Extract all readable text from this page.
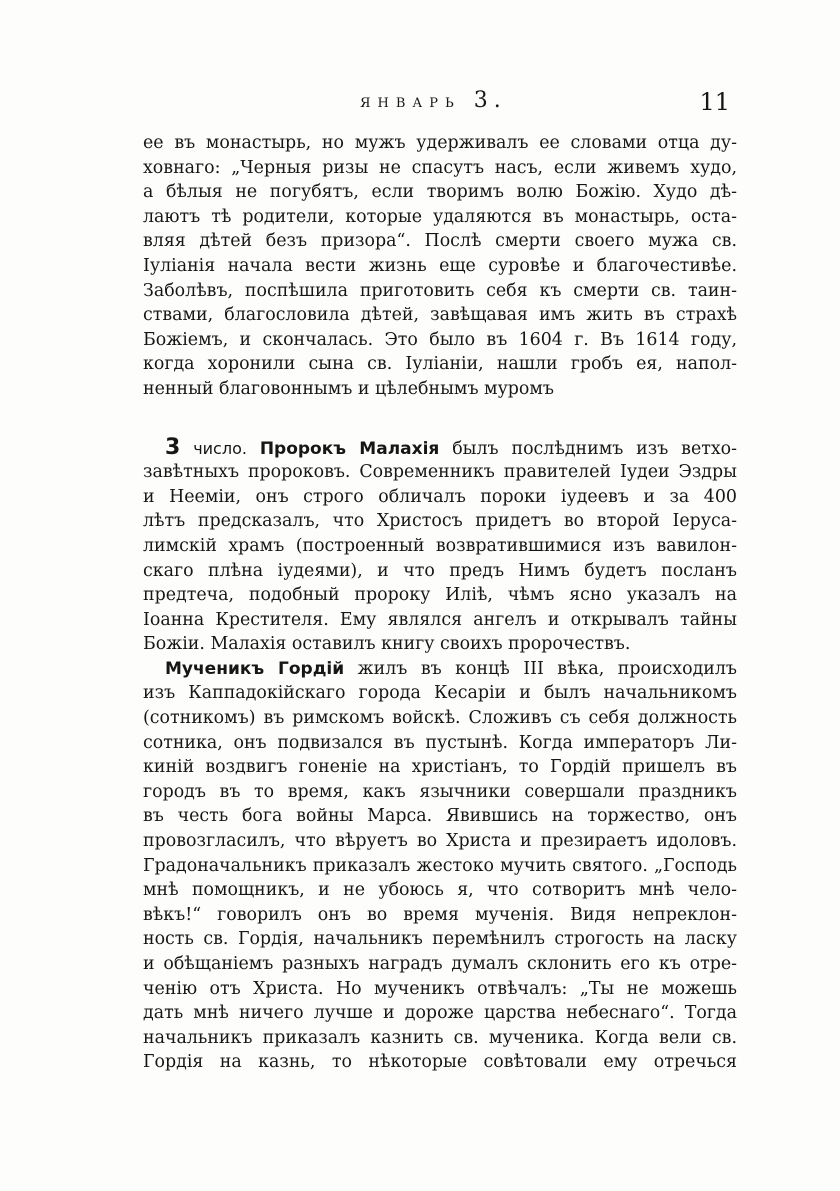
ЯНВАРЬ 3.	11
ее въ монастырь, но мужъ удерживалъ ее словами отца ду-
ховнаго: „Черныя ризы не спасутъ насъ, если живемъ худо,
а бѣлыя не погубятъ, если творимъ волю Божію. Худо дѣ-
лаютъ тѣ родители, которые удаляются въ монастырь, оста-
вляя дѣтей безъ призора“. Послѣ смерти своего мужа св.
Іуліанія начала вести жизнь еще суровѣе и благочестивѣе.
Заболѣвъ, поспѣшила приготовить себя къ смерти св. таин-
ствами, благословила дѣтей, завѣщавая имъ жить въ страхѣ
Божіемъ, и скончалась. Это было въ 1604 г. Въ 1614 году,
когда хоронили сына св. Іуліаніи, нашли гробъ ея, напол-
ненный благовоннымъ и цѣлебнымъ муромъ
3 число. Пророкъ Малахія былъ послѣднимъ изъ ветхо-
завѣтныхъ пророковъ. Современникъ правителей Іудеи Эздры
и Нееміи, онъ строго обличалъ пороки іудеевъ и за 400
лѣтъ предсказалъ, что Христосъ придетъ во второй Іеруса-
лимскій храмъ (построенный возвратившимися изъ вавилон-
скаго плѣна іудеями), и что предъ Нимъ будетъ посланъ
предтеча, подобный пророку Иліѣ, чѣмъ ясно указалъ на
Іоанна Крестителя. Ему являлся ангелъ и открывалъ тайны
Божіи. Малахія оставилъ книгу своихъ пророчествъ.
Мученикъ Гордій жилъ въ концѣ III вѣка, происходилъ
изъ Каппадокійскаго города Кесаріи и былъ начальникомъ
(сотникомъ) въ римскомъ войскѣ. Сложивъ съ себя должность
сотника, онъ подвизался въ пустынѣ. Когда императоръ Ли-
киній воздвигъ гоненіе на христіанъ, то Гордій пришелъ въ
городъ въ то время, какъ язычники совершали праздникъ
въ честь бога войны Марса. Явившись на торжество, онъ
провозгласилъ, что вѣруетъ во Христа и презираетъ идоловъ.
Градоначальникъ приказалъ жестоко мучить святого. „Господь
мнѣ помощникъ, и не убоюсь я, что сотворитъ мнѣ чело-
вѣкъ!“ говорилъ онъ во время мученія. Видя непреклон-
ность св. Гордія, начальникъ перемѣнилъ строгость на ласку
и обѣщаніемъ разныхъ наградъ думалъ склонить его къ отре-
ченію отъ Христа. Но мученикъ отвѣчалъ: „Ты не можешь
дать мнѣ ничего лучше и дороже царства небеснаго“. Тогда
начальникъ приказалъ казнить св. мученика. Когда вели св.
Гордія на казнь, то нѣкоторые совѣтовали ему отречься
